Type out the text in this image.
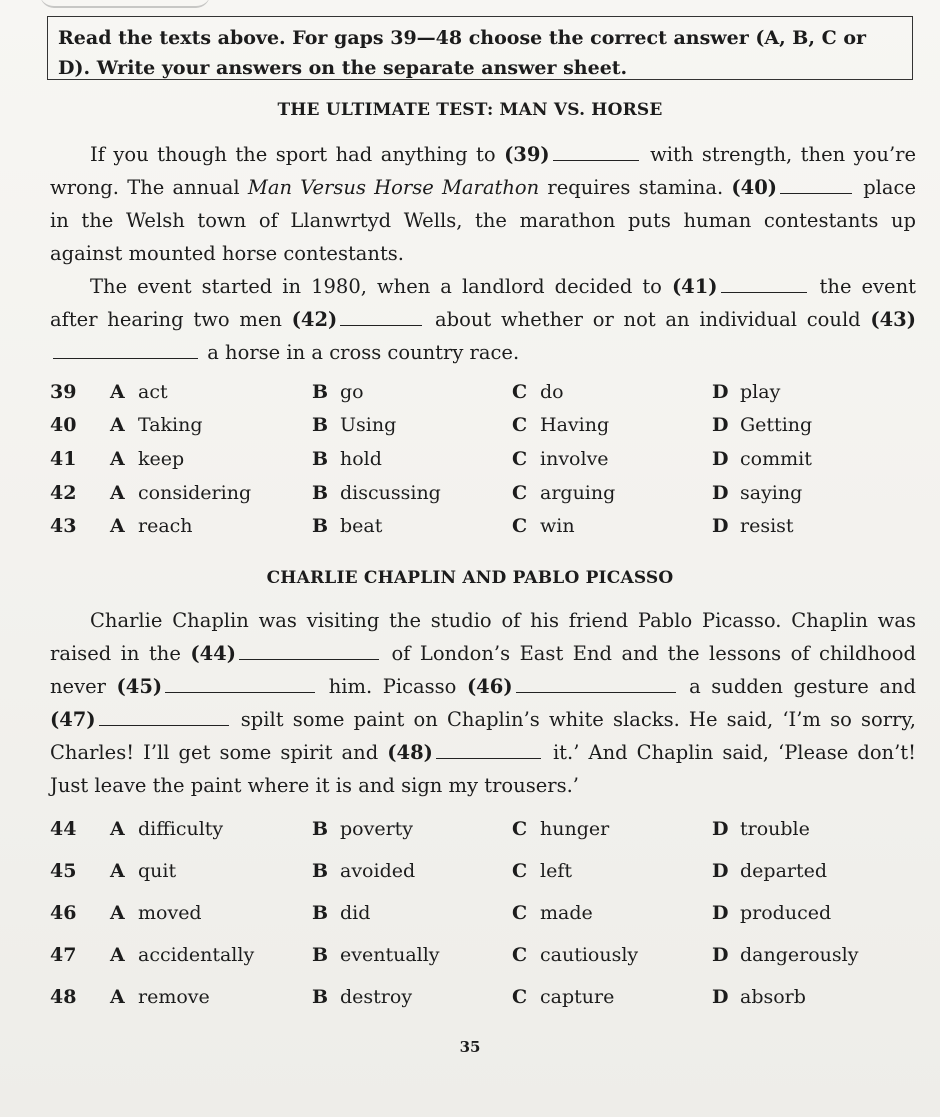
Read the texts above. For gaps 39—48 choose the correct answer (A, B, C or D). Write your answers on the separate answer sheet.
THE ULTIMATE TEST: MAN VS. HORSE

If you though the sport had anything to (39)	with strength, then you’re wrong. The annual Man Versus Horse Marathon requires stamina. (40)	place in the Welsh town of Llanwrtyd Wells, the marathon puts human contestants up against mounted horse contestants.

The event started in 1980, when a landlord decided to (41)	the event after hearing two men (42)	about whether or not an individual could (43) a horse in a cross country race.

39 A act	B go	C do	D play
40 A Taking	B Using	C Having	D Getting
41 A keep	B hold	C involve	D commit
42 A considering	B discussing	C arguing	D saying
43 A reach	B beat	C win	D resist
CHARLIE CHAPLIN AND PABLO PICASSO

Charlie Chaplin was visiting the studio of his friend Pablo Picasso. Chaplin was raised in the (44)	of London’s East End and the lessons of childhood never (45)	him. Picasso (46)	a sudden gesture and (47)	spilt some paint on Chaplin’s white slacks. He said, ‘I’m so sorry, Charles! I’ll get some spirit and (48)	it.’ And Chaplin said, ‘Please don’t! Just leave the paint where it is and sign my trousers.’

44 A difficulty	B poverty	C hunger	D trouble
45 A quit	B avoided	C left	D departed
46 A moved	B did	C made	D produced
47 A accidentally	B eventually	C cautiously	D dangerously
48 A remove	B destroy	C capture	D absorb
35
